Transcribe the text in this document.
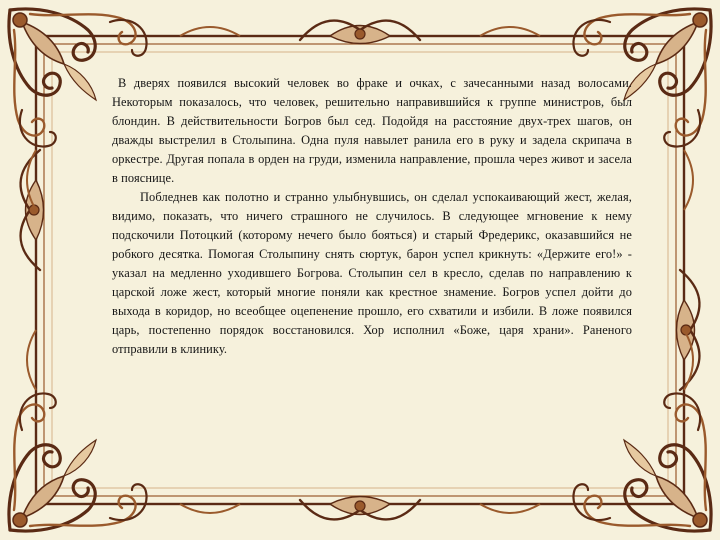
В дверях появился высокий человек во фраке и очках, с зачесанными назад волосами. Некоторым показалось, что человек, решительно направившийся к группе министров, был блондин. В действительности Богров был сед. Подойдя на расстояние двух-трех шагов, он дважды выстрелил в Столыпина. Одна пуля навылет ранила его в руку и задела скрипача в оркестре. Другая попала в орден на груди, изменила направление, прошла через живот и засела в пояснице.

Побледнев как полотно и странно улыбнувшись, он сделал успокаивающий жест, желая, видимо, показать, что ничего страшного не случилось. В следующее мгновение к нему подскочили Потоцкий (которому нечего было бояться) и старый Фредерикс, оказавшийся не робкого десятка. Помогая Столыпину снять сюртук, барон успел крикнуть: «Держите его!» - указал на медленно уходившего Богрова. Столыпин сел в кресло, сделав по направлению к царской ложе жест, который многие поняли как крестное знамение. Богров успел дойти до выхода в коридор, но всеобщее оцепенение прошло, его схватили и избили. В ложе появился царь, постепенно порядок восстановился. Хор исполнил «Боже, царя храни». Раненого отправили в клинику.
